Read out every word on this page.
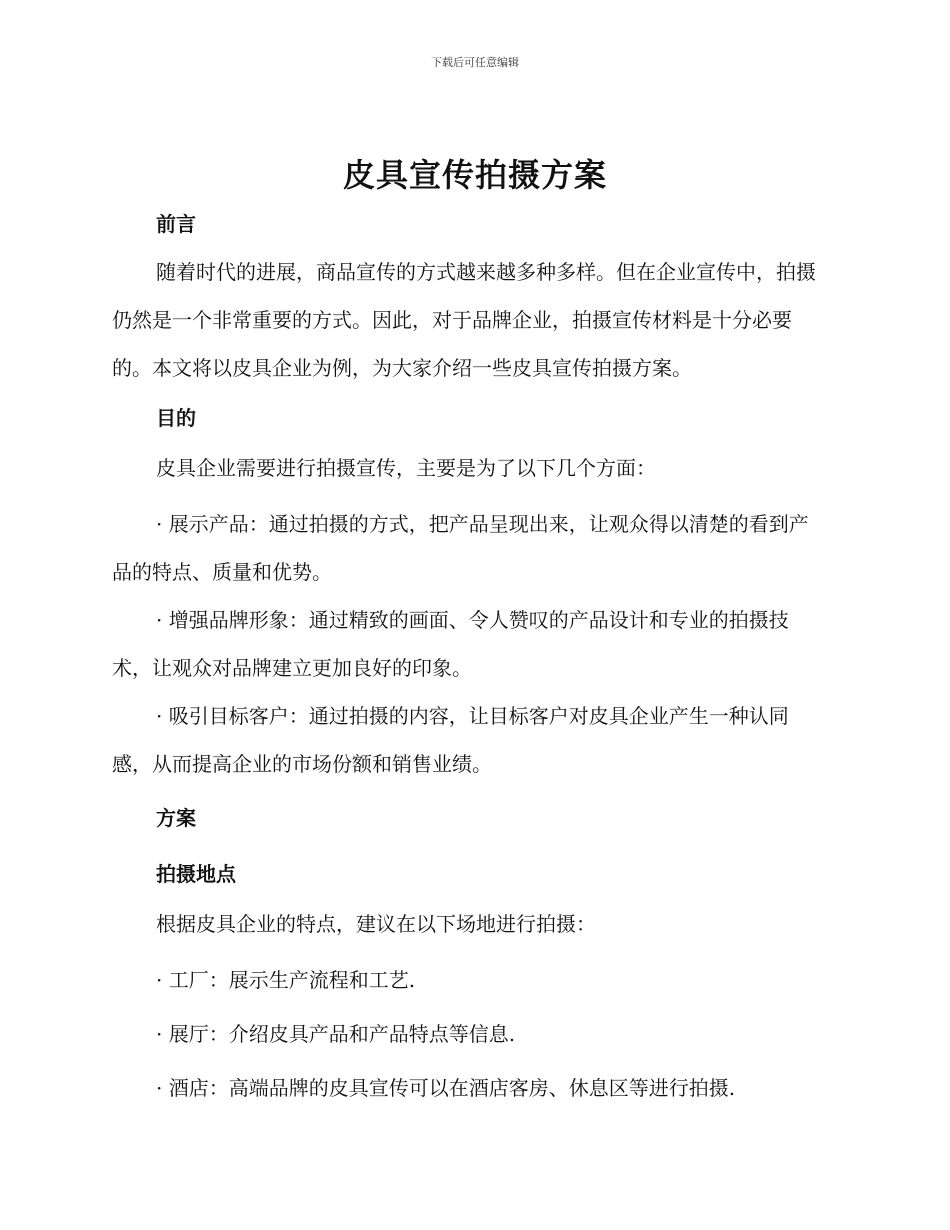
下载后可任意编辑
皮具宣传拍摄方案
前言

随着时代的进展，商品宣传的方式越来越多种多样。但在企业宣传中，拍摄仍然是一个非常重要的方式。因此，对于品牌企业，拍摄宣传材料是十分必要的。本文将以皮具企业为例，为大家介绍一些皮具宣传拍摄方案。

目的

皮具企业需要进行拍摄宣传，主要是为了以下几个方面：

· 展示产品：通过拍摄的方式，把产品呈现出来，让观众得以清楚的看到产品的特点、质量和优势。

· 增强品牌形象：通过精致的画面、令人赞叹的产品设计和专业的拍摄技术，让观众对品牌建立更加良好的印象。

· 吸引目标客户：通过拍摄的内容，让目标客户对皮具企业产生一种认同感，从而提高企业的市场份额和销售业绩。

方案
拍摄地点

根据皮具企业的特点，建议在以下场地进行拍摄：

· 工厂：展示生产流程和工艺.

· 展厅：介绍皮具产品和产品特点等信息.

· 酒店：高端品牌的皮具宣传可以在酒店客房、休息区等进行拍摄.
